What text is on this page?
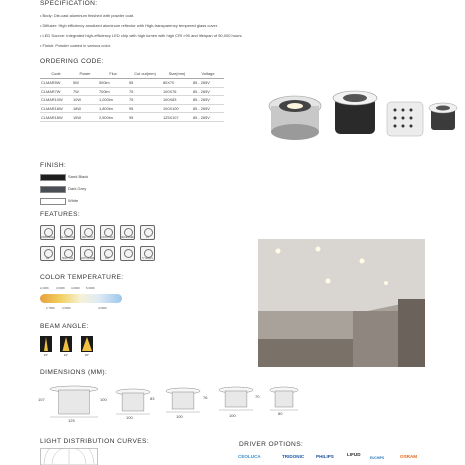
SPECIFICATION:
• Body: Die-cast aluminum finished with powder coat.
• Diffuser: High efficiency anodized aluminum reflector with High-transparency tempered glass cover.
• LED Source: Integrated high-efficiency LED chip with high lumen with high CRI >90 and lifespan of 50,000 hours.
• Finish: Powder coated in various color.
ORDERING CODE:
Code	Power	Flux	Cut out(mm)	Size(mm)	Voltage
CLMAR5W	5W	500lm	55	80X70	85 - 265V
CLMAR7W	7W	700lm	75	100X76	85 - 265V
CLMAR10W	10W	1,000lm	75	100X83	85 - 265V
CLMAR18W	18W	1,800lm	95	100X100	85 - 265V
CLMAR18W	15W	2,500lm	95	125X107	85 - 265V
FINISH:
Sand Black
Dark Grey
White
FEATURES:
DIMMABLE	ALUMINUM	DIE CAST	FROSTED	RECESSED	A+
CE	HIGH CRI	ANTI GLARE	360°	5 YEARS
COLOR TEMPERATURE:
2,200K	3,000K 4,000K 5,000K
2,700K	3,500K	4,500K
BEAM ANGLE:
15°	24°	36°
DIMENSIONS (MM):
107
125
100
100
83
100
76
100
70
80
LIGHT DISTRIBUTION CURVES:	DRIVER OPTIONS:
CEOLUCA	TRIDONIC	PHILIPS	LIFUD
EUCHIPS	OSRAM
